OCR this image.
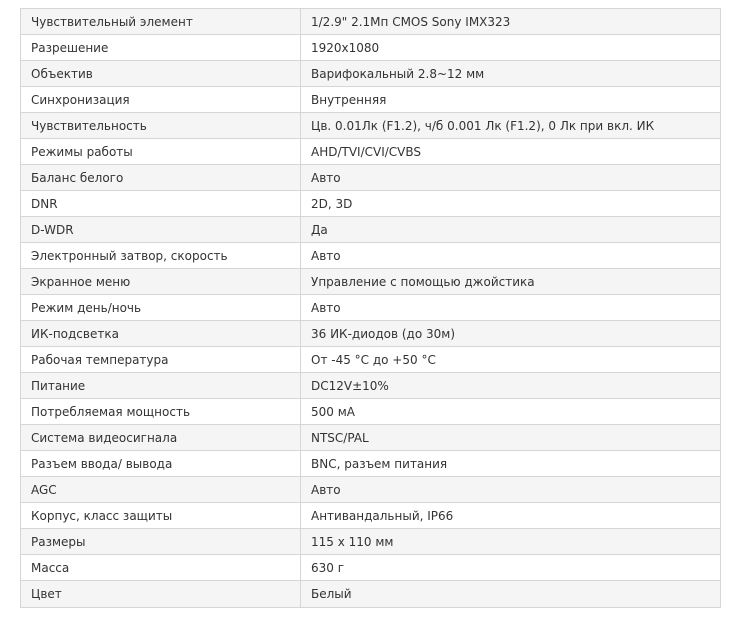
Чувствительный элемент	1/2.9" 2.1Мп CMOS Sony IMX323
Разрешение	1920x1080
Объектив	Варифокальный 2.8~12 мм
Синхронизация	Внутренняя
Чувствительность	Цв. 0.01Лк (F1.2), ч/б 0.001 Лк (F1.2), 0 Лк при вкл. ИК
Режимы работы	AHD/TVI/CVI/CVBS
Баланс белого	Авто
DNR	2D, 3D
D-WDR	Да
Электронный затвор, скорость	Авто
Экранное меню	Управление с помощью джойстика
Режим день/ночь	Авто
ИК-подсветка	36 ИК-диодов (до 30м)
Рабочая температура	От -45 °C до +50 °C
Питание	DC12V±10%
Потребляемая мощность	500 мА
Система видеосигнала	NTSC/PAL
Разъем ввода/ вывода	BNC, разъем питания
AGC	Авто
Корпус, класс защиты	Антивандальный, IP66
Размеры	115 x 110 мм
Масса	630 г
Цвет	Белый
